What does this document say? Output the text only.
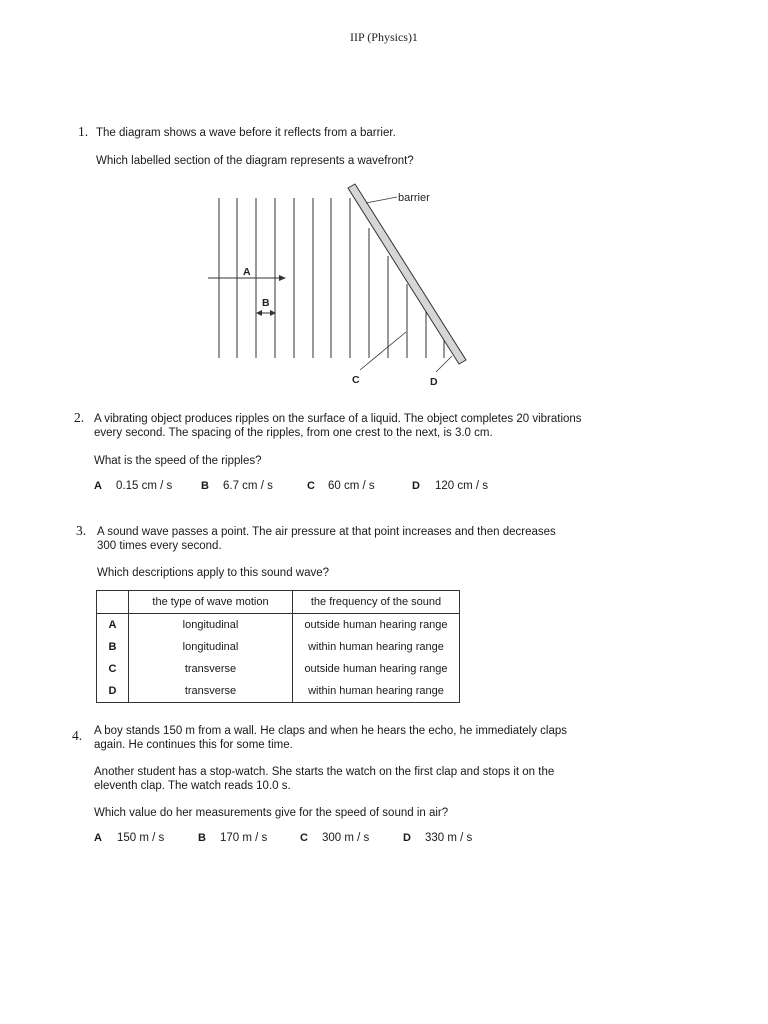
IIP (Physics)1
1. The diagram shows a wave before it reflects from a barrier.
Which labelled section of the diagram represents a wavefront?
barrier
A
B
C	D
2. A vibrating object produces ripples on the surface of a liquid. The object completes 20 vibrations
every second. The spacing of the ripples, from one crest to the next, is 3.0 cm.
What is the speed of the ripples?
A 0.15 cm / s	B 6.7 cm / s	C 60 cm / s	D 120 cm / s
3. A sound wave passes a point. The air pressure at that point increases and then decreases
300 times every second.
Which descriptions apply to this sound wave?
	the type of wave motion	the frequency of the sound
A	longitudinal	outside human hearing range
B	longitudinal	within human hearing range
C	transverse	outside human hearing range
D	transverse	within human hearing range
4. A boy stands 150 m from a wall. He claps and when he hears the echo, he immediately claps
again. He continues this for some time.
Another student has a stop-watch. She starts the watch on the first clap and stops it on the
eleventh clap. The watch reads 10.0 s.
Which value do her measurements give for the speed of sound in air?
A 150 m / s	B 170 m / s	C 300 m / s	D 330 m / s
